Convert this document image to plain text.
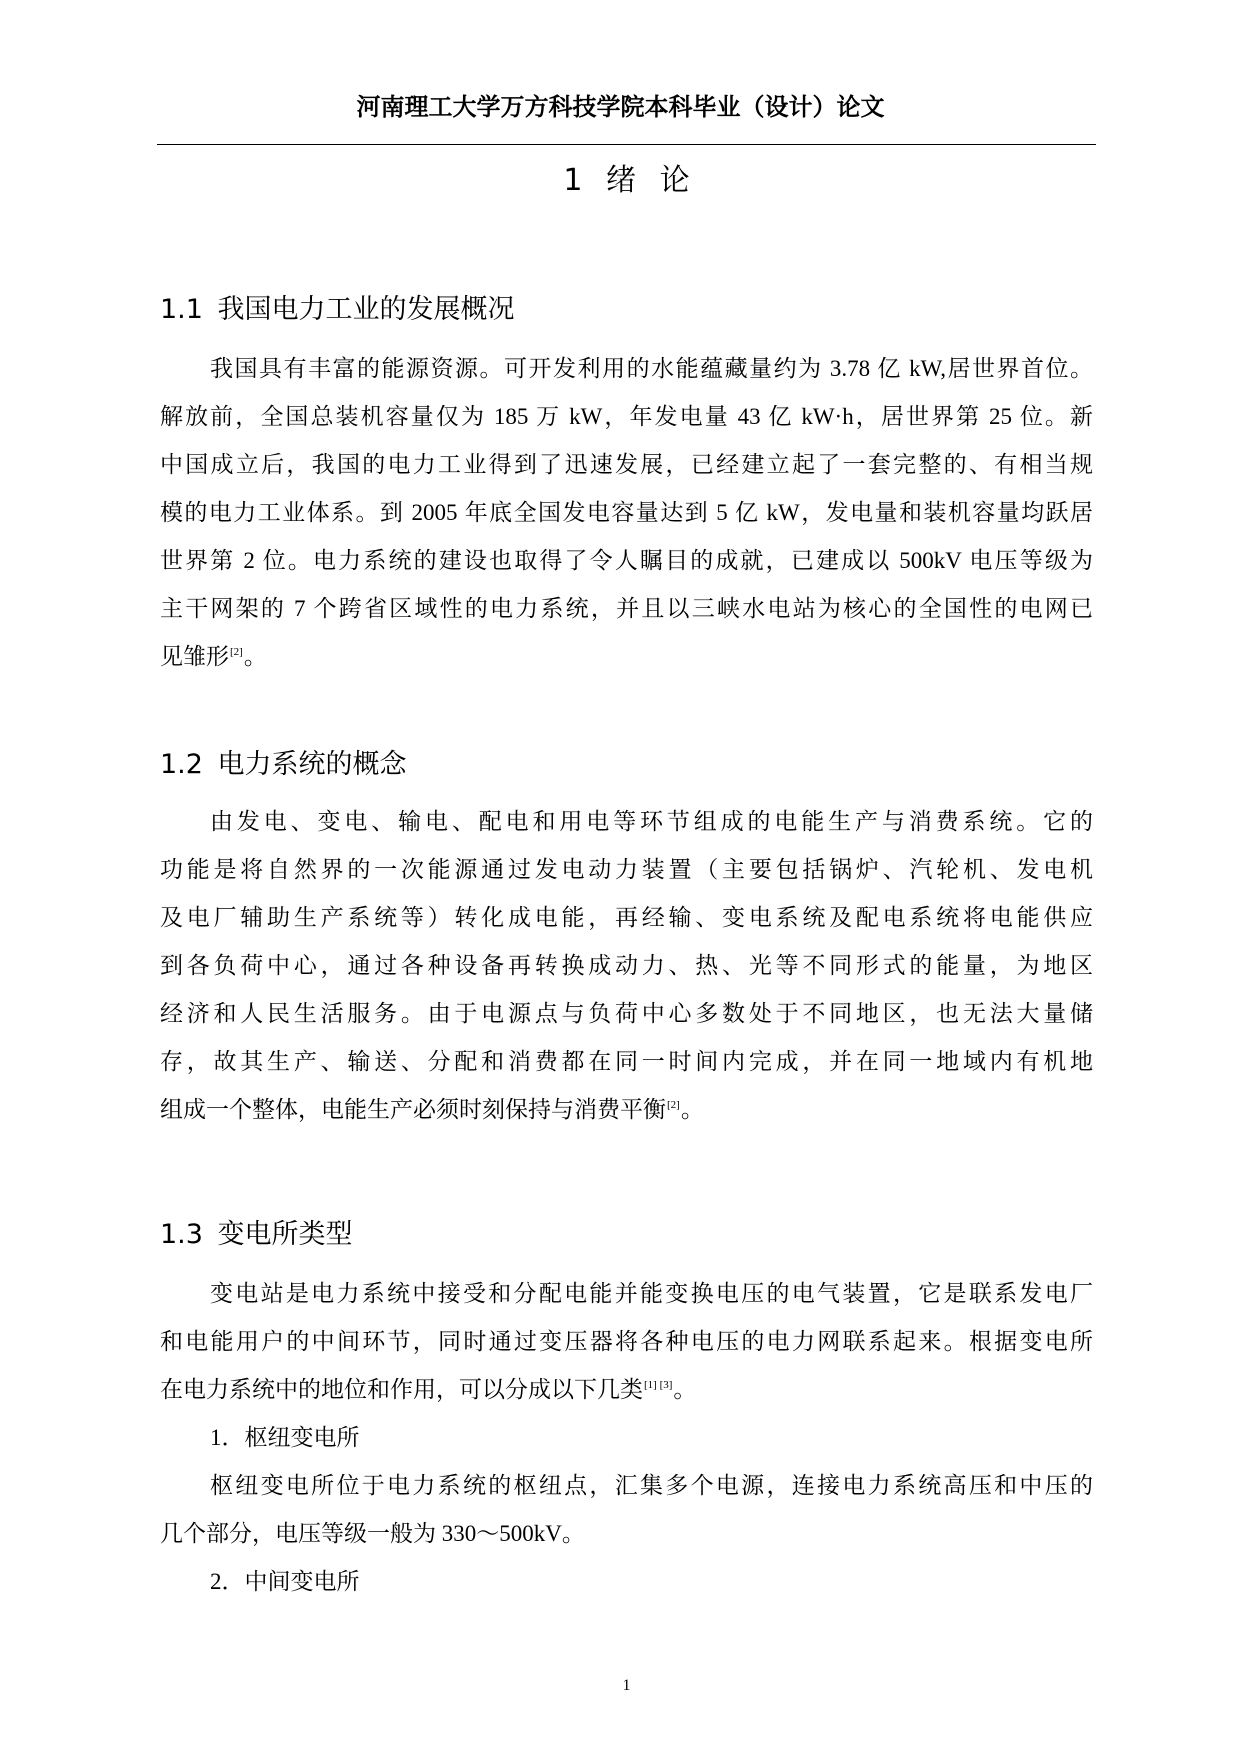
河南理工大学万方科技学院本科毕业（设计）论文
1 绪 论
1.1 我国电力工业的发展概况
我国具有丰富的能源资源。可开发利用的水能蕴藏量约为 3.78 亿 kW,居世界首位。
解放前，全国总装机容量仅为 185 万 kW，年发电量 43 亿 kW·h，居世界第 25 位。新
中国成立后，我国的电力工业得到了迅速发展，已经建立起了一套完整的、有相当规
模的电力工业体系。到 2005 年底全国发电容量达到 5 亿 kW，发电量和装机容量均跃居
世界第 2 位。电力系统的建设也取得了令人瞩目的成就，已建成以 500kV 电压等级为
主干网架的 7 个跨省区域性的电力系统，并且以三峡水电站为核心的全国性的电网已
见雏形[2]。
1.2 电力系统的概念
由发电、变电、输电、配电和用电等环节组成的电能生产与消费系统。它的
功能是将自然界的一次能源通过发电动力装置（主要包括锅炉、汽轮机、发电机
及电厂辅助生产系统等）转化成电能，再经输、变电系统及配电系统将电能供应
到各负荷中心，通过各种设备再转换成动力、热、光等不同形式的能量，为地区
经济和人民生活服务。由于电源点与负荷中心多数处于不同地区，也无法大量储
存，故其生产、输送、分配和消费都在同一时间内完成，并在同一地域内有机地
组成一个整体，电能生产必须时刻保持与消费平衡[2]。
1.3 变电所类型
变电站是电力系统中接受和分配电能并能变换电压的电气装置，它是联系发电厂
和电能用户的中间环节，同时通过变压器将各种电压的电力网联系起来。根据变电所
在电力系统中的地位和作用，可以分成以下几类[1] [3]。
1．枢纽变电所
枢纽变电所位于电力系统的枢纽点，汇集多个电源，连接电力系统高压和中压的
几个部分，电压等级一般为 330～500kV。
2．中间变电所
1
